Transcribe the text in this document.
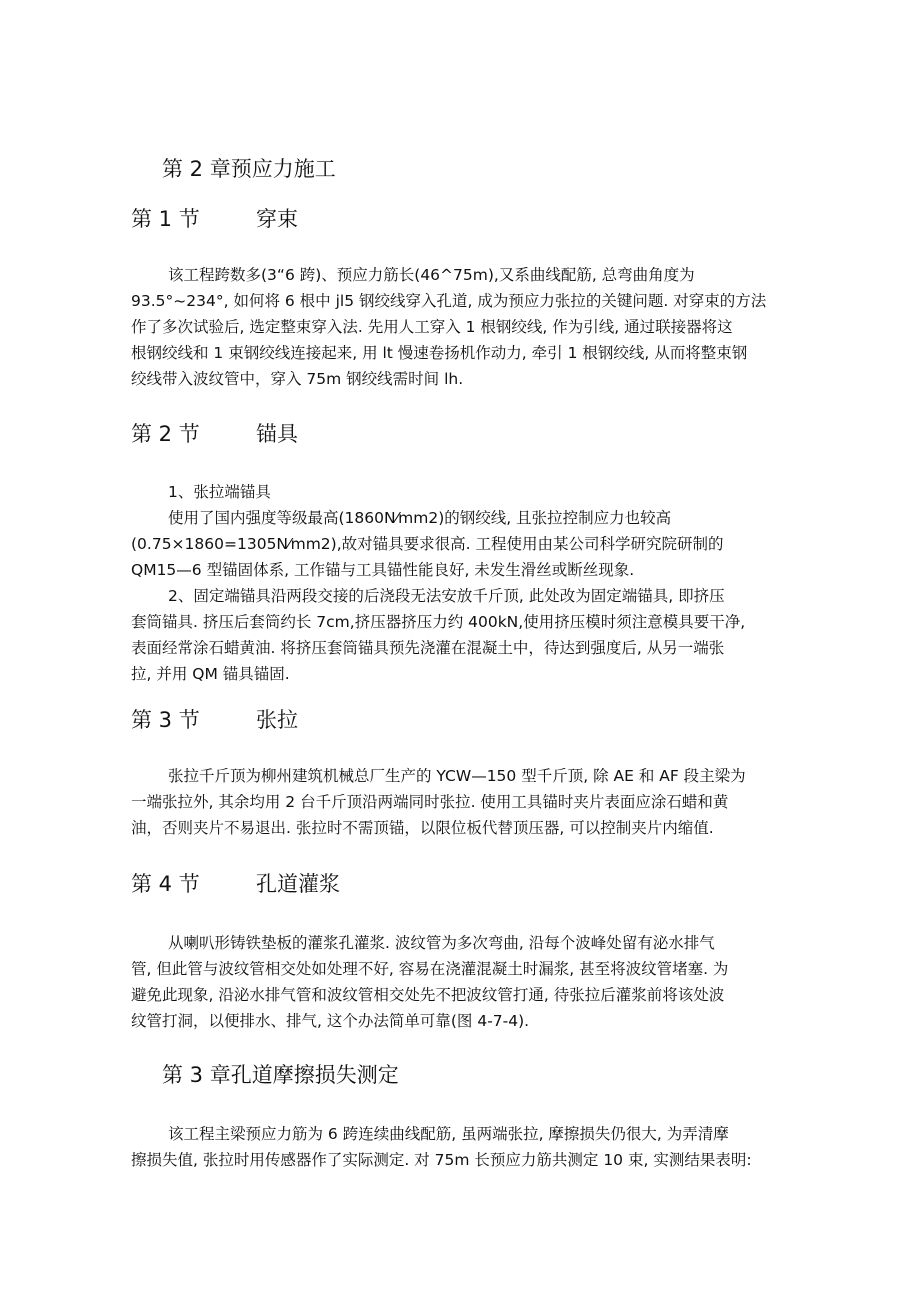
第 2 章预应力施工
第 1 节	穿束
该工程跨数多(3“6 跨)、预应力筋长(46^75m),又系曲线配筋, 总弯曲角度为
93.5°~234°, 如何将 6 根中 jl5 钢绞线穿入孔道, 成为预应力张拉的关键问题. 对穿束的方法
作了多次试验后, 选定整束穿入法. 先用人工穿入 1 根钢绞线, 作为引线, 通过联接器将这
根钢绞线和 1 束钢绞线连接起来, 用 lt 慢速卷扬机作动力, 牵引 1 根钢绞线, 从而将整束钢
绞线带入波纹管中，穿入 75m 钢绞线需时间 lh.
第 2 节	锚具
1、张拉端锚具
使用了国内强度等级最高(1860N⁄mm2)的钢绞线, 且张拉控制应力也较高
(0.75×1860=1305N⁄mm2),故对锚具要求很高. 工程使用由某公司科学研究院研制的
QM15—6 型锚固体系, 工作锚与工具锚性能良好, 未发生滑丝或断丝现象.
2、固定端锚具沿两段交接的后浇段无法安放千斤顶, 此处改为固定端锚具, 即挤压
套筒锚具. 挤压后套筒约长 7cm,挤压器挤压力约 400kN,使用挤压模时须注意模具要干净,
表面经常涂石蜡黄油. 将挤压套筒锚具预先浇灌在混凝土中，待达到强度后, 从另一端张
拉, 并用 QM 锚具锚固.
第 3 节	张拉
张拉千斤顶为柳州建筑机械总厂生产的 YCW—150 型千斤顶, 除 AE 和 AF 段主梁为
一端张拉外, 其余均用 2 台千斤顶沿两端同时张拉. 使用工具锚时夹片表面应涂石蜡和黄
油，否则夹片不易退出. 张拉时不需顶锚，以限位板代替顶压器, 可以控制夹片内缩值.
第 4 节	孔道灌浆
从喇叭形铸铁垫板的灌浆孔灌浆. 波纹管为多次弯曲, 沿每个波峰处留有泌水排气
管, 但此管与波纹管相交处如处理不好, 容易在浇灌混凝土时漏浆, 甚至将波纹管堵塞. 为
避免此现象, 沿泌水排气管和波纹管相交处先不把波纹管打通, 待张拉后灌浆前将该处波
纹管打洞，以便排水、排气, 这个办法简单可靠(图 4-7-4).
第 3 章孔道摩擦损失测定
该工程主梁预应力筋为 6 跨连续曲线配筋, 虽两端张拉, 摩擦损失仍很大, 为弄清摩
擦损失值, 张拉时用传感器作了实际测定. 对 75m 长预应力筋共测定 10 束, 实测结果表明:
